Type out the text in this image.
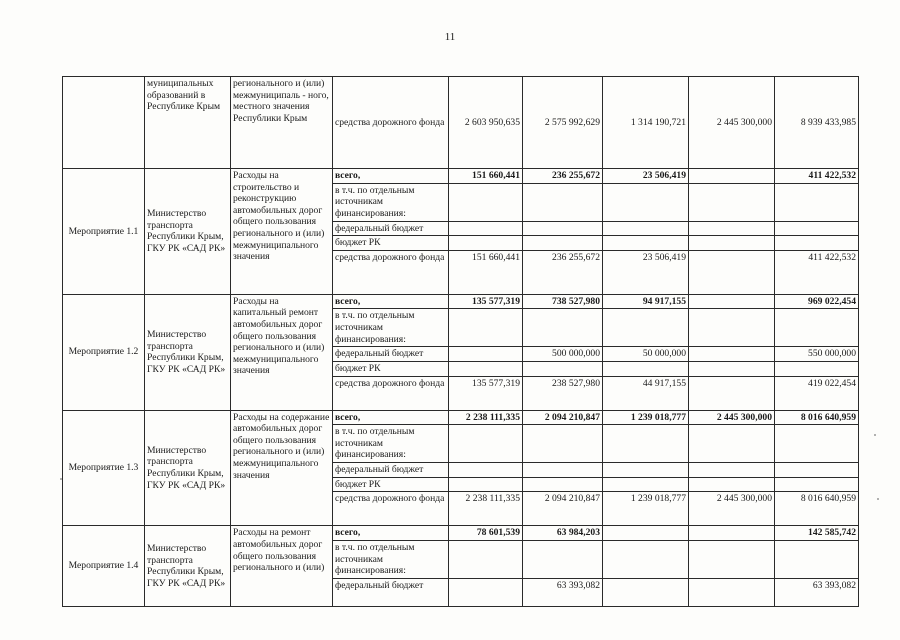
11
	муниципальных образований в Республике Крым	регионального и (или) межмуниципаль - ного, местного значения Республики Крым	средства дорожного фонда	2 603 950,635	2 575 992,629	1 314 190,721	2 445 300,000	8 939 433,985
Мероприятие 1.1	Министерство транспорта Республики Крым, ГКУ РК «САД РК»	Расходы на строительство и реконструкцию автомобильных дорог общего пользования регионального и (или) межмуниципального значения	всего,	151 660,441	236 255,672	23 506,419		411 422,532
			в т.ч. по отдельным источникам финансирования:					
			федеральный бюджет					
			бюджет РК					
			средства дорожного фонда	151 660,441	236 255,672	23 506,419		411 422,532
Мероприятие 1.2	Министерство транспорта Республики Крым, ГКУ РК «САД РК»	Расходы на капитальный ремонт автомобильных дорог общего пользования регионального и (или) межмуниципального значения	всего,	135 577,319	738 527,980	94 917,155		969 022,454
			в т.ч. по отдельным источникам финансирования:					
			федеральный бюджет		500 000,000	50 000,000		550 000,000
			бюджет РК					
			средства дорожного фонда	135 577,319	238 527,980	44 917,155		419 022,454
Мероприятие 1.3	Министерство транспорта Республики Крым, ГКУ РК «САД РК»	Расходы на содержание автомобильных дорог общего пользования регионального и (или) межмуниципального значения	всего,	2 238 111,335	2 094 210,847	1 239 018,777	2 445 300,000	8 016 640,959
			в т.ч. по отдельным источникам финансирования:					
			федеральный бюджет					
			бюджет РК					
			средства дорожного фонда	2 238 111,335	2 094 210,847	1 239 018,777	2 445 300,000	8 016 640,959
Мероприятие 1.4	Министерство транспорта Республики Крым, ГКУ РК «САД РК»	Расходы на ремонт автомобильных дорог общего пользования регионального и (или)	всего,	78 601,539	63 984,203			142 585,742
			в т.ч. по отдельным источникам финансирования:					
			федеральный бюджет		63 393,082			63 393,082
